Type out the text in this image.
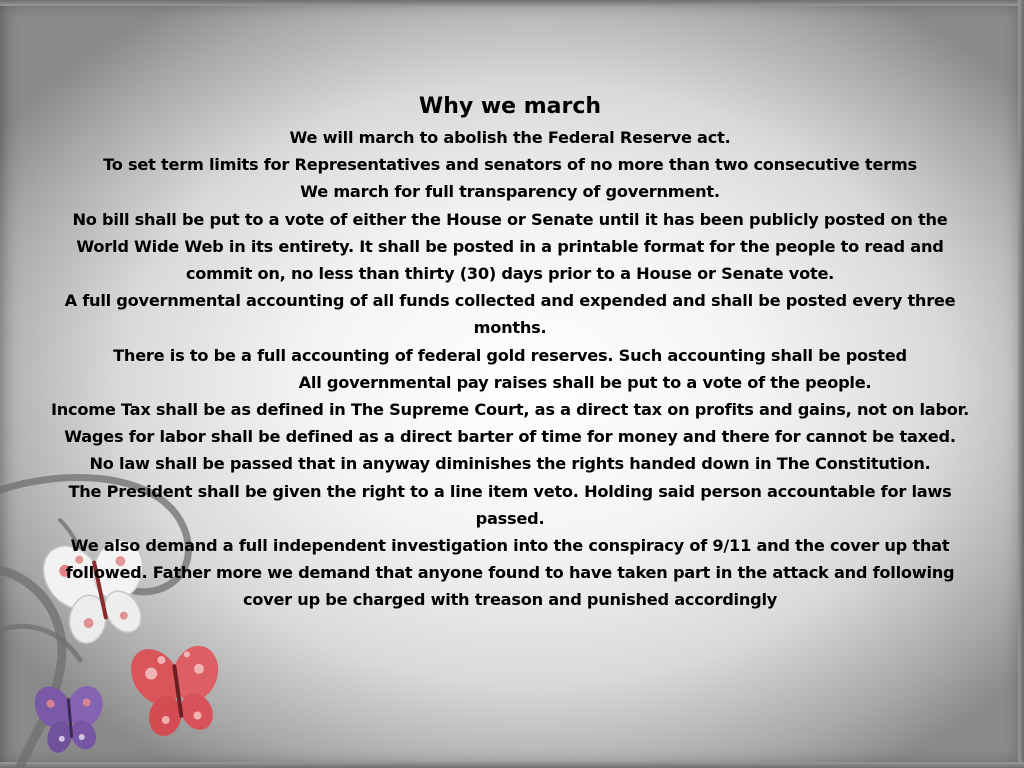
Why we march

We will march to abolish the Federal Reserve act.

To set term limits for Representatives and senators of no more than two consecutive terms

We march for full transparency of government.

No bill shall be put to a vote of either the House or Senate until it has been publicly posted on the World Wide Web in its entirety. It shall be posted in a printable format for the people to read and commit on, no less than thirty (30) days prior to a House or Senate vote.

A full governmental accounting of all funds collected and expended and shall be posted every three months.

There is to be a full accounting of federal gold reserves. Such accounting shall be posted

All governmental pay raises shall be put to a vote of the people.

Income Tax shall be as defined in The Supreme Court, as a direct tax on profits and gains, not on labor. Wages for labor shall be defined as a direct barter of time for money and there for cannot be taxed.

No law shall be passed that in anyway diminishes the rights handed down in The Constitution.

The President shall be given the right to a line item veto. Holding said person accountable for laws passed.

We also demand a full independent investigation into the conspiracy of 9/11 and the cover up that followed. Father more we demand that anyone found to have taken part in the attack and following cover up be charged with treason and punished accordingly
